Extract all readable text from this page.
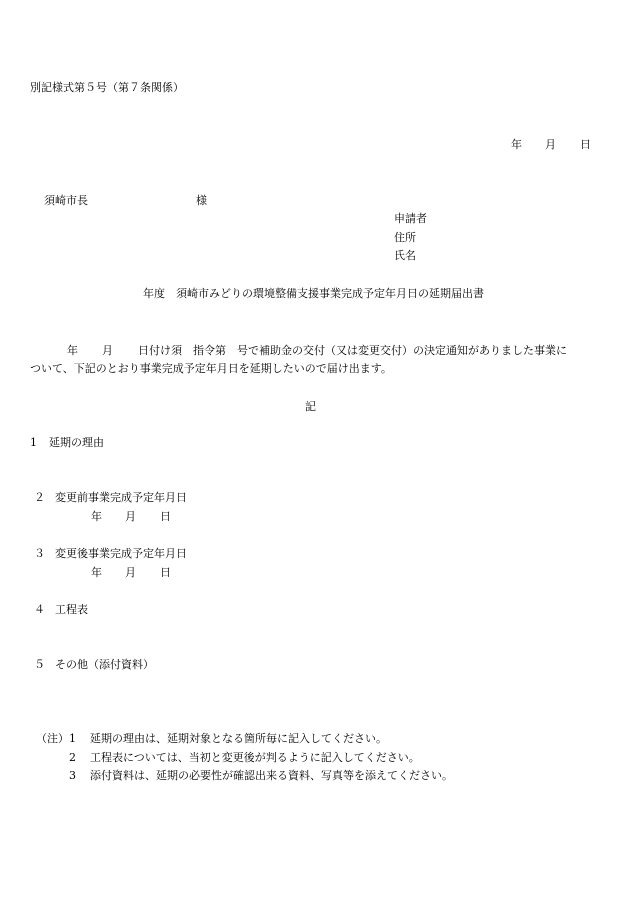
別記様式第５号（第７条関係）
年 月 日
須崎市長	様
申請者
住所
氏名
年度　須崎市みどりの環境整備支援事業完成予定年月日の延期届出書
年 月 日付け須　指令第　号で補助金の交付（又は変更交付）の決定通知がありました事業に
ついて、下記のとおり事業完成予定年月日を延期したいので届け出ます。
記
1 延期の理由
２ 変更前事業完成予定年月日
年 月 日
３ 変更後事業完成予定年月日
年 月 日
４ 工程表
５ その他（添付資料）
（注） 1 延期の理由は、延期対象となる箇所毎に記入してください。
2 工程表については、当初と変更後が判るように記入してください。
3 添付資料は、延期の必要性が確認出来る資料、写真等を添えてください。
